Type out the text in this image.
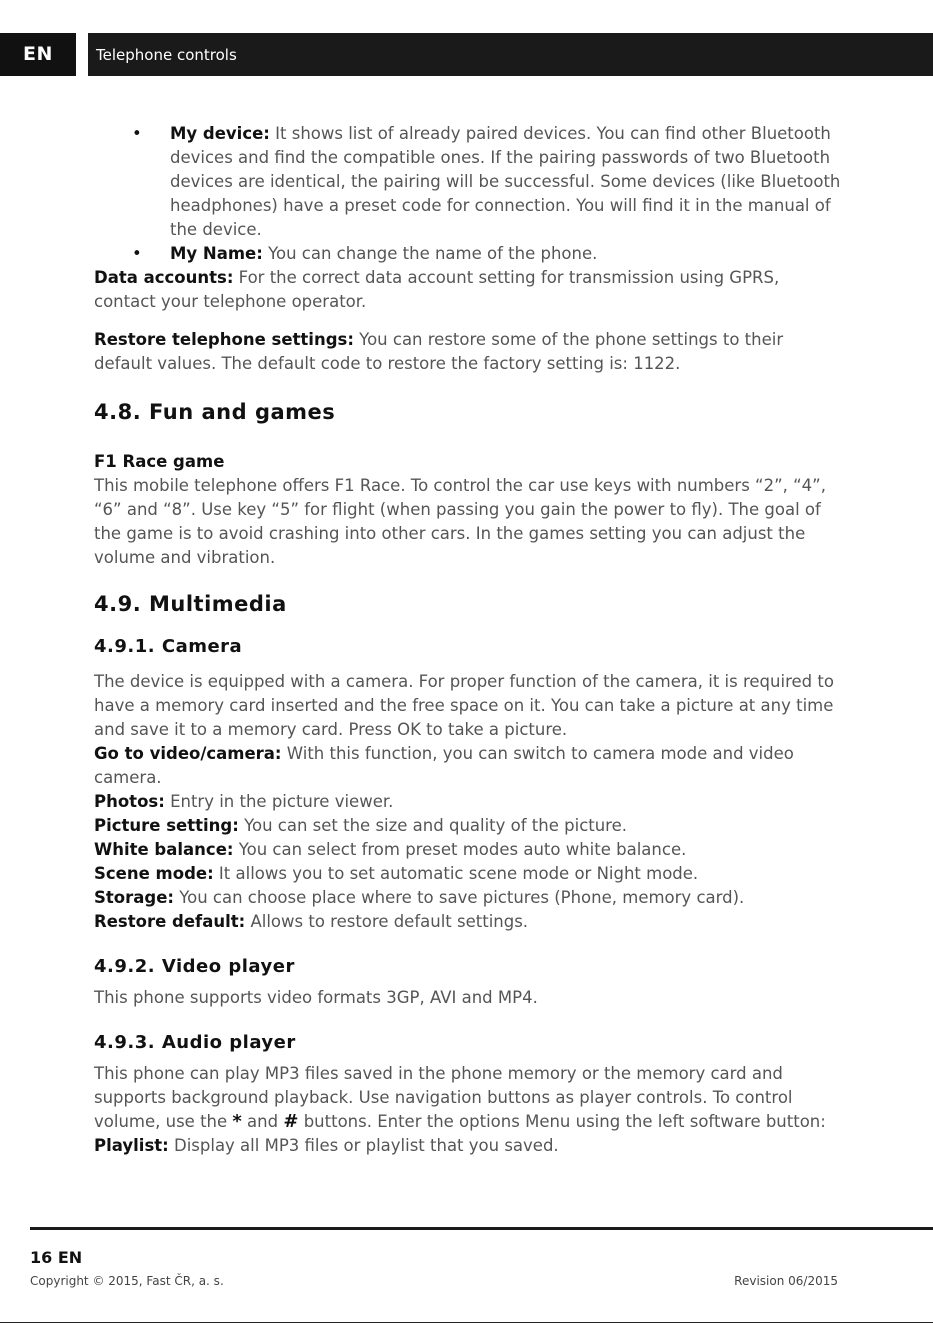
EN	Telephone controls
• My device: It shows list of already paired devices. You can find other Bluetooth devices and find the compatible ones. If the pairing passwords of two Bluetooth devices are identical, the pairing will be successful. Some devices (like Bluetooth headphones) have a preset code for connection. You will find it in the manual of the device.
• My Name: You can change the name of the phone.

Data accounts: For the correct data account setting for transmission using GPRS, contact your telephone operator.

Restore telephone settings: You can restore some of the phone settings to their default values. The default code to restore the factory setting is: 1122.

4.8. Fun and games
F1 Race game

This mobile telephone offers F1 Race. To control the car use keys with numbers “2”, “4”, “6” and “8”. Use key “5” for flight (when passing you gain the power to fly). The goal of the game is to avoid crashing into other cars. In the games setting you can adjust the volume and vibration.

4.9. Multimedia
4.9.1. Camera

The device is equipped with a camera. For proper function of the camera, it is required to have a memory card inserted and the free space on it. You can take a picture at any time and save it to a memory card. Press OK to take a picture.

Go to video/camera: With this function, you can switch to camera mode and video camera.

Photos: Entry in the picture viewer.

Picture setting: You can set the size and quality of the picture.

White balance: You can select from preset modes auto white balance.

Scene mode: It allows you to set automatic scene mode or Night mode.

Storage: You can choose place where to save pictures (Phone, memory card).

Restore default: Allows to restore default settings.

4.9.2. Video player

This phone supports video formats 3GP, AVI and MP4.

4.9.3. Audio player

This phone can play MP3 files saved in the phone memory or the memory card and supports background playback. Use navigation buttons as player controls. To control volume, use the * and # buttons. Enter the options Menu using the left software button:

Playlist: Display all MP3 files or playlist that you saved.

16 EN
Copyright © 2015, Fast ČR, a. s.	Revision 06/2015
